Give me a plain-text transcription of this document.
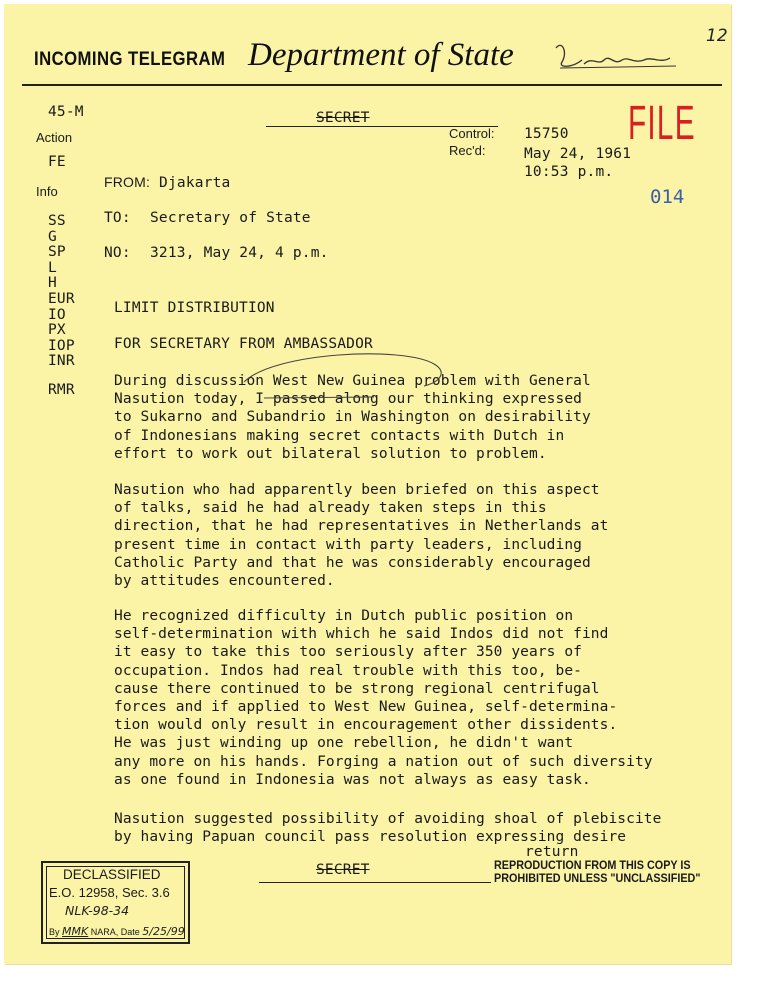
INCOMING TELEGRAM Department of State
12
SECRET
45-M
Action
FE
Info
SS
G
SP
L
H
EUR
IO
PX
IOP
INR
RMR
Control:
Rec'd:
15750
May 24, 1961
10:53 p.m.
FILE
014
FROM: Djakarta
TO: Secretary of State
NO: 3213, May 24, 4 p.m.
LIMIT DISTRIBUTION
FOR SECRETARY FROM AMBASSADOR
During discussion West New Guinea problem with General
Nasution today, I passed along our thinking expressed
to Sukarno and Subandrio in Washington on desirability
of Indonesians making secret contacts with Dutch in
effort to work out bilateral solution to problem.
Nasution who had apparently been briefed on this aspect
of talks, said he had already taken steps in this
direction, that he had representatives in Netherlands at
present time in contact with party leaders, including
Catholic Party and that he was considerably encouraged
by attitudes encountered.
He recognized difficulty in Dutch public position on
self-determination with which he said Indos did not find
it easy to take this too seriously after 350 years of
occupation. Indos had real trouble with this too, be-
cause there continued to be strong regional centrifugal
forces and if applied to West New Guinea, self-determina-
tion would only result in encouragement other dissidents.
He was just winding up one rebellion, he didn't want
any more on his hands. Forging a nation out of such diversity
as one found in Indonesia was not always as easy task.
Nasution suggested possibility of avoiding shoal of plebiscite
by having Papuan council pass resolution expressing desire
return
SECRET	REPRODUCTION FROM THIS COPY IS
PROHIBITED UNLESS "UNCLASSIFIED"
DECLASSIFIED
E.O. 12958, Sec. 3.6
NLK-98-34
By MMK NARA, Date 5/25/99
